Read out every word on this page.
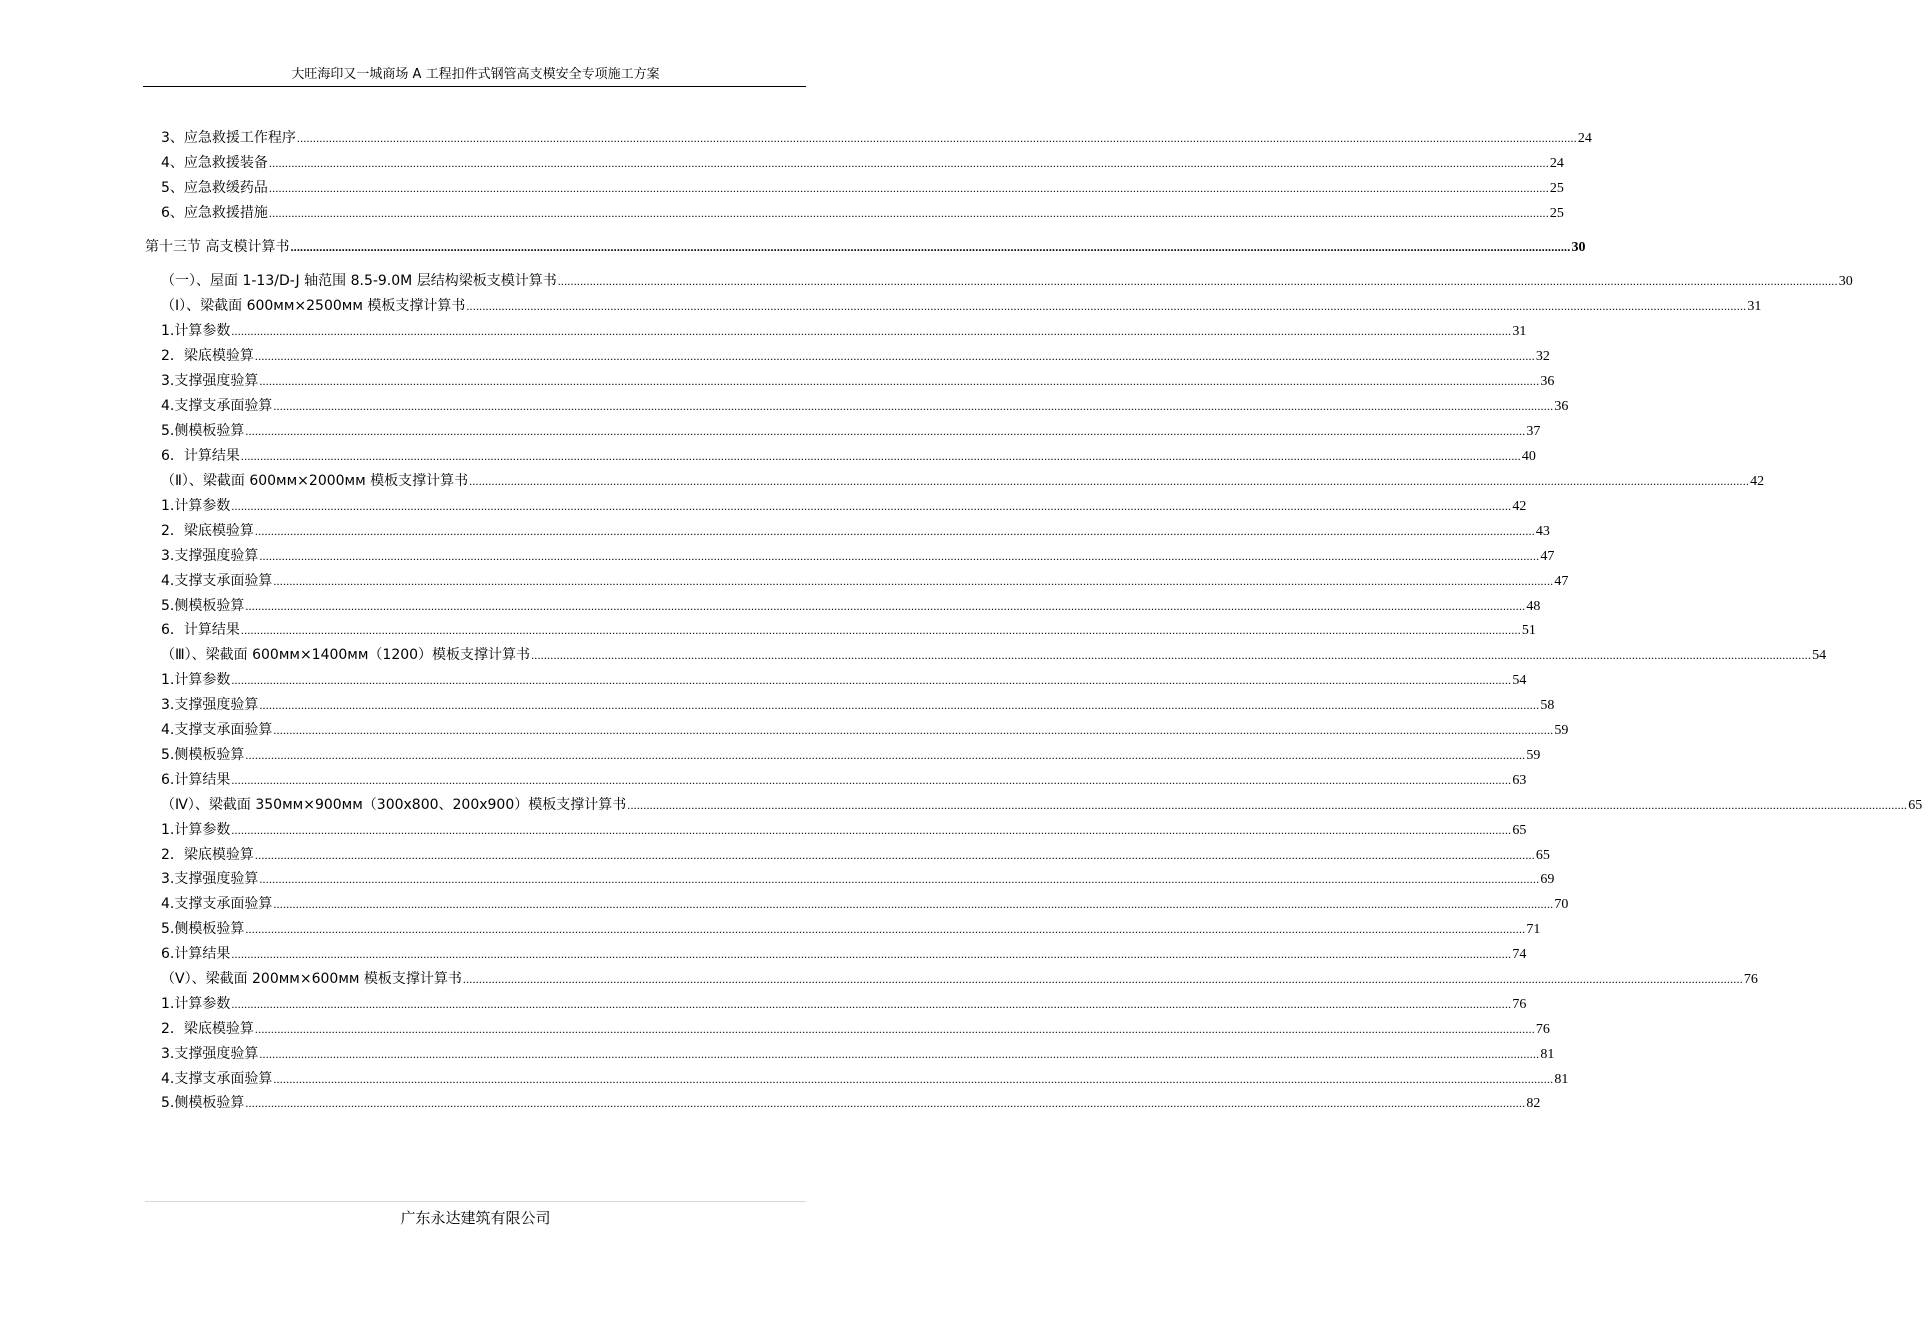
大旺海印又一城商场 A 工程扣件式钢管高支模安全专项施工方案
3、应急救援工作程序 ................................................................................................................................................................................................................................................................................................................................................................................................................ 24
4、应急救援装备 ................................................................................................................................................................................................................................................................................................................................................................................................................ 24
5、应急救缓药品 ................................................................................................................................................................................................................................................................................................................................................................................................................ 25
6、应急救援措施 ................................................................................................................................................................................................................................................................................................................................................................................................................ 25
第十三节 高支模计算书 ................................................................................................................................................................................................................................................................................................................................................................................................................ 30
（一）、屋面 1-13/D-J 轴范围 8.5-9.0M 层结构梁板支模计算书 ................................................................................................................................................................................................................................................................................................................................................................................................................ 30
（Ⅰ）、梁截面 600ᴍᴍ×2500ᴍᴍ 模板支撑计算书 ................................................................................................................................................................................................................................................................................................................................................................................................................ 31
1.计算参数 ................................................................................................................................................................................................................................................................................................................................................................................................................ 31
2．梁底模验算 ................................................................................................................................................................................................................................................................................................................................................................................................................ 32
3.支撑强度验算 ................................................................................................................................................................................................................................................................................................................................................................................................................ 36
4.支撑支承面验算 ................................................................................................................................................................................................................................................................................................................................................................................................................ 36
5.侧模板验算 ................................................................................................................................................................................................................................................................................................................................................................................................................ 37
6．计算结果 ................................................................................................................................................................................................................................................................................................................................................................................................................ 40
（Ⅱ）、梁截面 600ᴍᴍ×2000ᴍᴍ 模板支撑计算书 ................................................................................................................................................................................................................................................................................................................................................................................................................ 42
1.计算参数 ................................................................................................................................................................................................................................................................................................................................................................................................................ 42
2．梁底模验算 ................................................................................................................................................................................................................................................................................................................................................................................................................ 43
3.支撑强度验算 ................................................................................................................................................................................................................................................................................................................................................................................................................ 47
4.支撑支承面验算 ................................................................................................................................................................................................................................................................................................................................................................................................................ 47
5.侧模板验算 ................................................................................................................................................................................................................................................................................................................................................................................................................ 48
6．计算结果 ................................................................................................................................................................................................................................................................................................................................................................................................................ 51
（Ⅲ）、梁截面 600ᴍᴍ×1400ᴍᴍ（1200）模板支撑计算书 ................................................................................................................................................................................................................................................................................................................................................................................................................ 54
1.计算参数 ................................................................................................................................................................................................................................................................................................................................................................................................................ 54
3.支撑强度验算 ................................................................................................................................................................................................................................................................................................................................................................................................................ 58
4.支撑支承面验算 ................................................................................................................................................................................................................................................................................................................................................................................................................ 59
5.侧模板验算 ................................................................................................................................................................................................................................................................................................................................................................................................................ 59
6.计算结果 ................................................................................................................................................................................................................................................................................................................................................................................................................ 63
（Ⅳ）、梁截面 350ᴍᴍ×900ᴍᴍ（300x800、200x900）模板支撑计算书 ................................................................................................................................................................................................................................................................................................................................................................................................................ 65
1.计算参数 ................................................................................................................................................................................................................................................................................................................................................................................................................ 65
2．梁底模验算 ................................................................................................................................................................................................................................................................................................................................................................................................................ 65
3.支撑强度验算 ................................................................................................................................................................................................................................................................................................................................................................................................................ 69
4.支撑支承面验算 ................................................................................................................................................................................................................................................................................................................................................................................................................ 70
5.侧模板验算 ................................................................................................................................................................................................................................................................................................................................................................................................................ 71
6.计算结果 ................................................................................................................................................................................................................................................................................................................................................................................................................ 74
（Ⅴ）、梁截面 200ᴍᴍ×600ᴍᴍ 模板支撑计算书 ................................................................................................................................................................................................................................................................................................................................................................................................................ 76
1.计算参数 ................................................................................................................................................................................................................................................................................................................................................................................................................ 76
2．梁底模验算 ................................................................................................................................................................................................................................................................................................................................................................................................................ 76
3.支撑强度验算 ................................................................................................................................................................................................................................................................................................................................................................................................................ 81
4.支撑支承面验算 ................................................................................................................................................................................................................................................................................................................................................................................................................ 81
5.侧模板验算 ................................................................................................................................................................................................................................................................................................................................................................................................................ 82
广东永达建筑有限公司
